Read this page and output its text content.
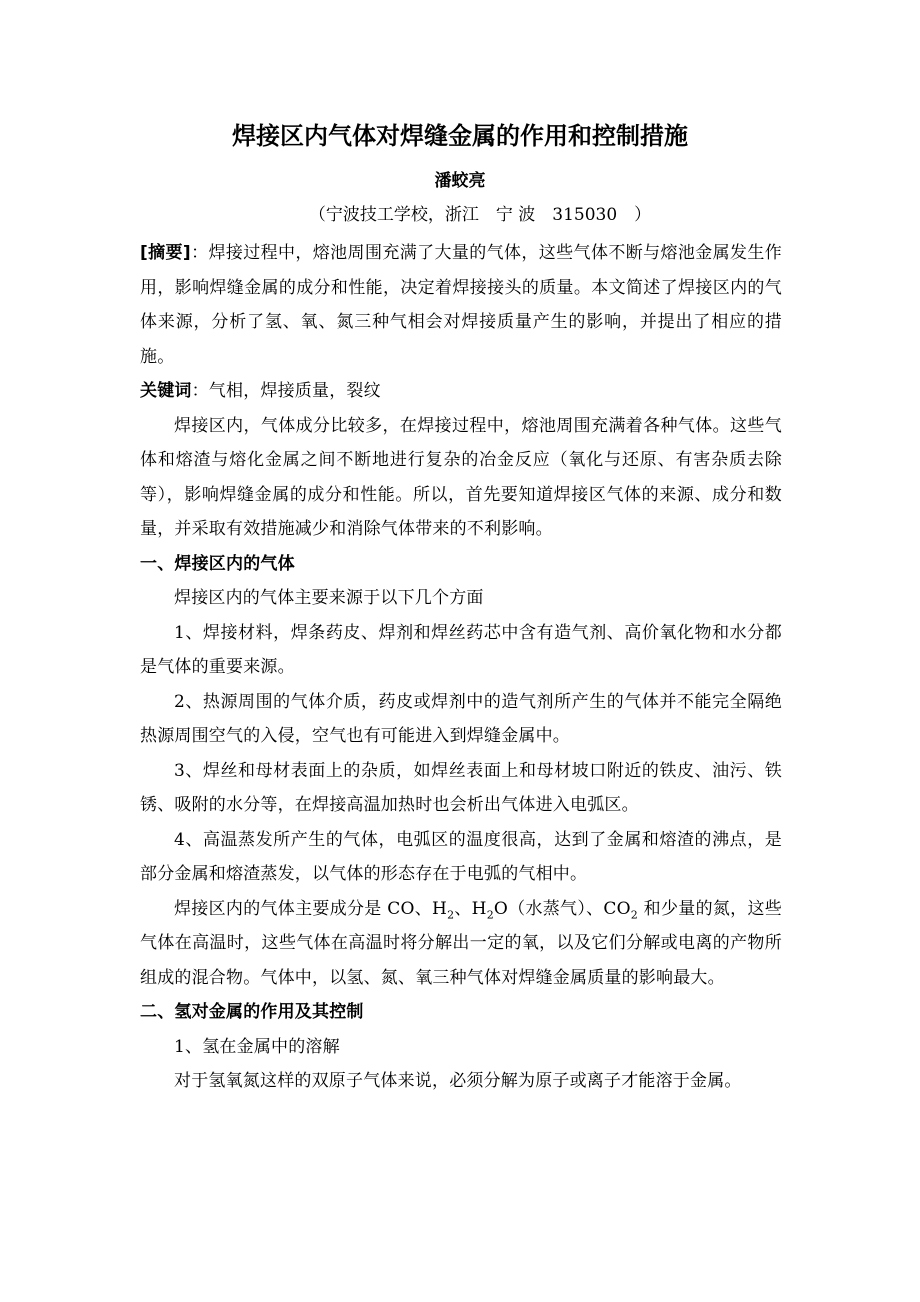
焊接区内气体对焊缝金属的作用和控制措施
潘蛟亮
（宁波技工学校，浙江　宁 波　315030　）

[摘要]：焊接过程中，熔池周围充满了大量的气体，这些气体不断与熔池金属发生作用，影响焊缝金属的成分和性能，决定着焊接接头的质量。本文简述了焊接区内的气体来源，分析了氢、氧、氮三种气相会对焊接质量产生的影响，并提出了相应的措施。

关键词：气相，焊接质量，裂纹

焊接区内，气体成分比较多，在焊接过程中，熔池周围充满着各种气体。这些气体和熔渣与熔化金属之间不断地进行复杂的冶金反应（氧化与还原、有害杂质去除等），影响焊缝金属的成分和性能。所以，首先要知道焊接区气体的来源、成分和数量，并采取有效措施减少和消除气体带来的不利影响。

一、焊接区内的气体

焊接区内的气体主要来源于以下几个方面

1、焊接材料，焊条药皮、焊剂和焊丝药芯中含有造气剂、高价氧化物和水分都是气体的重要来源。

2、热源周围的气体介质，药皮或焊剂中的造气剂所产生的气体并不能完全隔绝热源周围空气的入侵，空气也有可能进入到焊缝金属中。

3、焊丝和母材表面上的杂质，如焊丝表面上和母材坡口附近的铁皮、油污、铁锈、吸附的水分等，在焊接高温加热时也会析出气体进入电弧区。

4、高温蒸发所产生的气体，电弧区的温度很高，达到了金属和熔渣的沸点，是部分金属和熔渣蒸发，以气体的形态存在于电弧的气相中。

焊接区内的气体主要成分是 CO、$H_2$、$H_2O$（水蒸气）、$CO_2$ 和少量的氮，这些气体在高温时，这些气体在高温时将分解出一定的氧，以及它们分解或电离的产物所组成的混合物。气体中，以氢、氮、氧三种气体对焊缝金属质量的影响最大。

二、氢对金属的作用及其控制

1、氢在金属中的溶解

对于氢氧氮这样的双原子气体来说，必须分解为原子或离子才能溶于金属。
